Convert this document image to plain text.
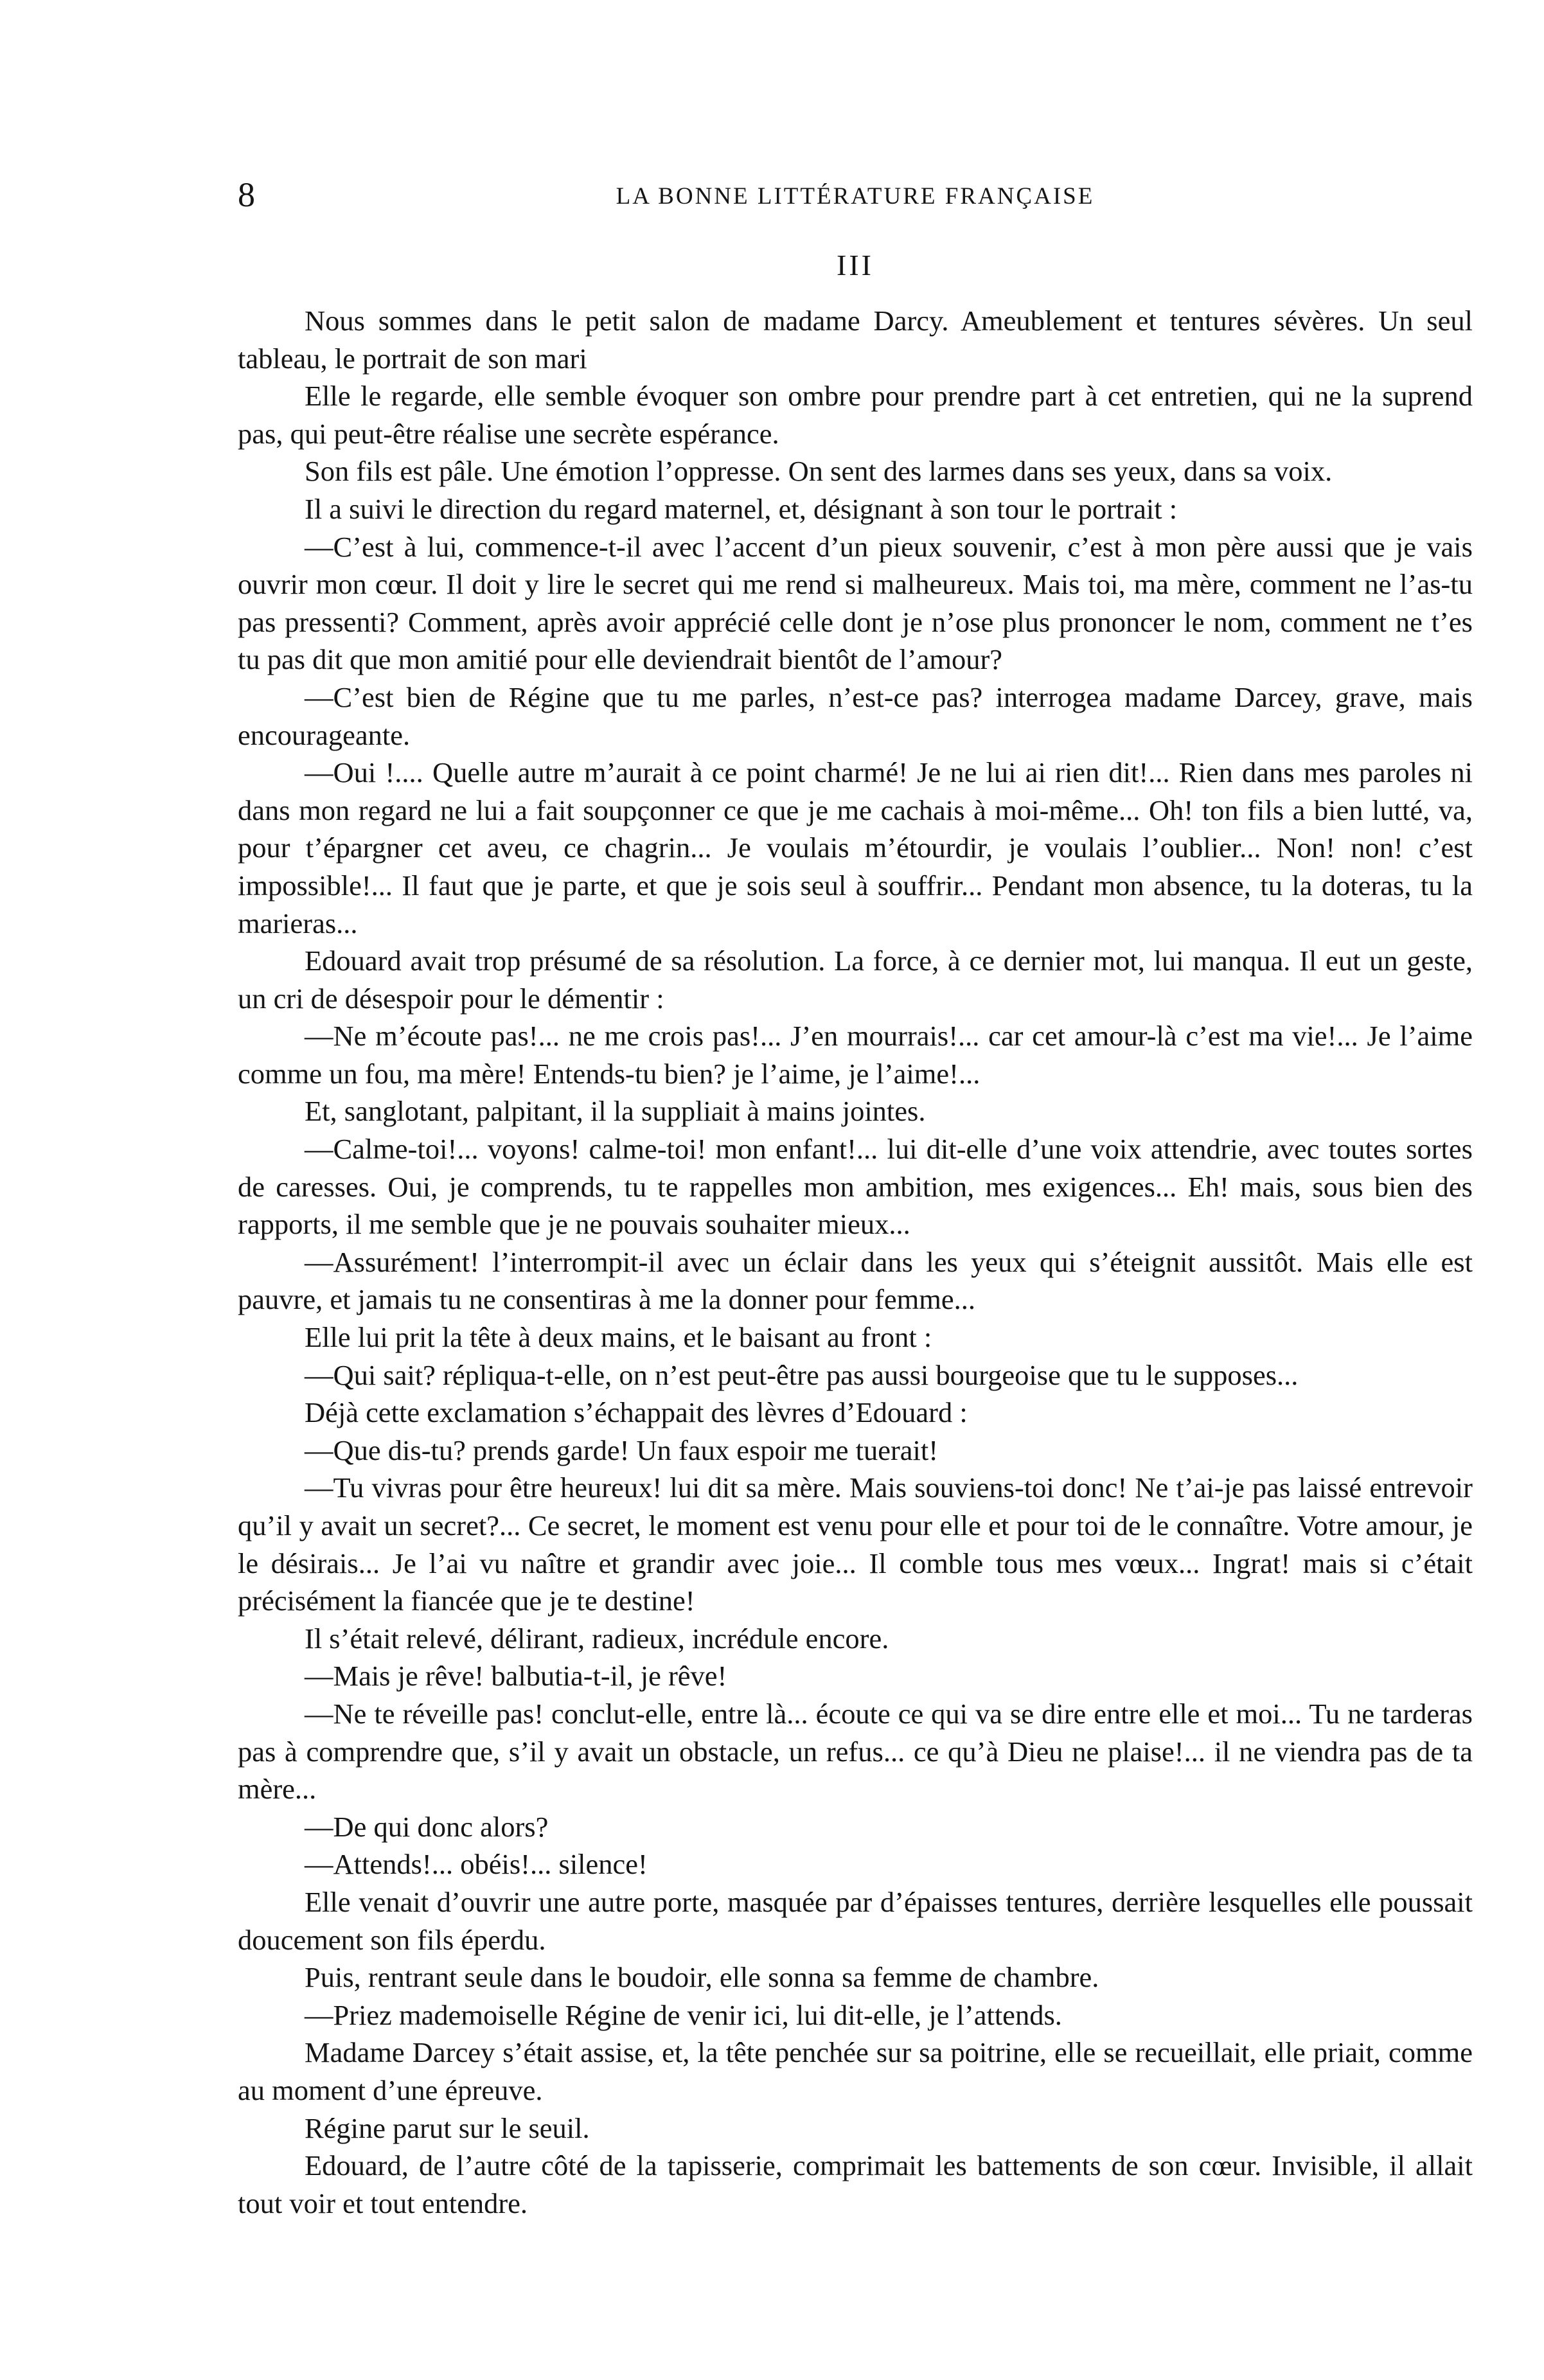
8	LA BONNE LITTÉRATURE FRANÇAISE
III

Nous sommes dans le petit salon de madame Darcy. Ameublement et tentures sévères. Un seul tableau, le portrait de son mari

Elle le regarde, elle semble évoquer son ombre pour prendre part à cet entretien, qui ne la suprend pas, qui peut-être réalise une secrète espérance.

Son fils est pâle. Une émotion l’oppresse. On sent des larmes dans ses yeux, dans sa voix.

Il a suivi le direction du regard maternel, et, désignant à son tour le portrait :

—C’est à lui, commence-t-il avec l’accent d’un pieux souvenir, c’est à mon père aussi que je vais ouvrir mon cœur. Il doit y lire le secret qui me rend si malheureux. Mais toi, ma mère, comment ne l’as-tu pas pressenti? Comment, après avoir apprécié celle dont je n’ose plus prononcer le nom, comment ne t’es tu pas dit que mon amitié pour elle deviendrait bientôt de l’amour?

—C’est bien de Régine que tu me parles, n’est-ce pas? interrogea madame Darcey, grave, mais encourageante.

—Oui !.... Quelle autre m’aurait à ce point charmé! Je ne lui ai rien dit!... Rien dans mes paroles ni dans mon regard ne lui a fait soupçonner ce que je me cachais à moi-même... Oh! ton fils a bien lutté, va, pour t’épargner cet aveu, ce chagrin... Je voulais m’étourdir, je voulais l’oublier... Non! non! c’est impossible!... Il faut que je parte, et que je sois seul à souffrir... Pendant mon absence, tu la doteras, tu la marieras...

Edouard avait trop présumé de sa résolution. La force, à ce dernier mot, lui manqua. Il eut un geste, un cri de désespoir pour le démentir :

—Ne m’écoute pas!... ne me crois pas!... J’en mourrais!... car cet amour-là c’est ma vie!... Je l’aime comme un fou, ma mère! Entends-tu bien? je l’aime, je l’aime!...

Et, sanglotant, palpitant, il la suppliait à mains jointes.

—Calme-toi!... voyons! calme-toi! mon enfant!... lui dit-elle d’une voix attendrie, avec toutes sortes de caresses. Oui, je comprends, tu te rappelles mon ambition, mes exigences... Eh! mais, sous bien des rapports, il me semble que je ne pouvais souhaiter mieux...

—Assurément! l’interrompit-il avec un éclair dans les yeux qui s’éteignit aussitôt. Mais elle est pauvre, et jamais tu ne consentiras à me la donner pour femme...

Elle lui prit la tête à deux mains, et le baisant au front :

—Qui sait? répliqua-t-elle, on n’est peut-être pas aussi bourgeoise que tu le supposes...

Déjà cette exclamation s’échappait des lèvres d’Edouard :

—Que dis-tu? prends garde! Un faux espoir me tuerait!

—Tu vivras pour être heureux! lui dit sa mère. Mais souviens-toi donc! Ne t’ai-je pas laissé entrevoir qu’il y avait un secret?... Ce secret, le moment est venu pour elle et pour toi de le connaître. Votre amour, je le désirais... Je l’ai vu naître et grandir avec joie... Il comble tous mes vœux... Ingrat! mais si c’était précisément la fiancée que je te destine!

Il s’était relevé, délirant, radieux, incrédule encore.

—Mais je rêve! balbutia-t-il, je rêve!

—Ne te réveille pas! conclut-elle, entre là... écoute ce qui va se dire entre elle et moi... Tu ne tarderas pas à comprendre que, s’il y avait un obstacle, un refus... ce qu’à Dieu ne plaise!... il ne viendra pas de ta mère...

—De qui donc alors?

—Attends!... obéis!... silence!

Elle venait d’ouvrir une autre porte, masquée par d’épaisses tentures, derrière lesquelles elle poussait doucement son fils éperdu.

Puis, rentrant seule dans le boudoir, elle sonna sa femme de chambre.

—Priez mademoiselle Régine de venir ici, lui dit-elle, je l’attends.

Madame Darcey s’était assise, et, la tête penchée sur sa poitrine, elle se recueillait, elle priait, comme au moment d’une épreuve.

Régine parut sur le seuil.

Edouard, de l’autre côté de la tapisserie, comprimait les battements de son cœur. Invisible, il allait tout voir et tout entendre.
